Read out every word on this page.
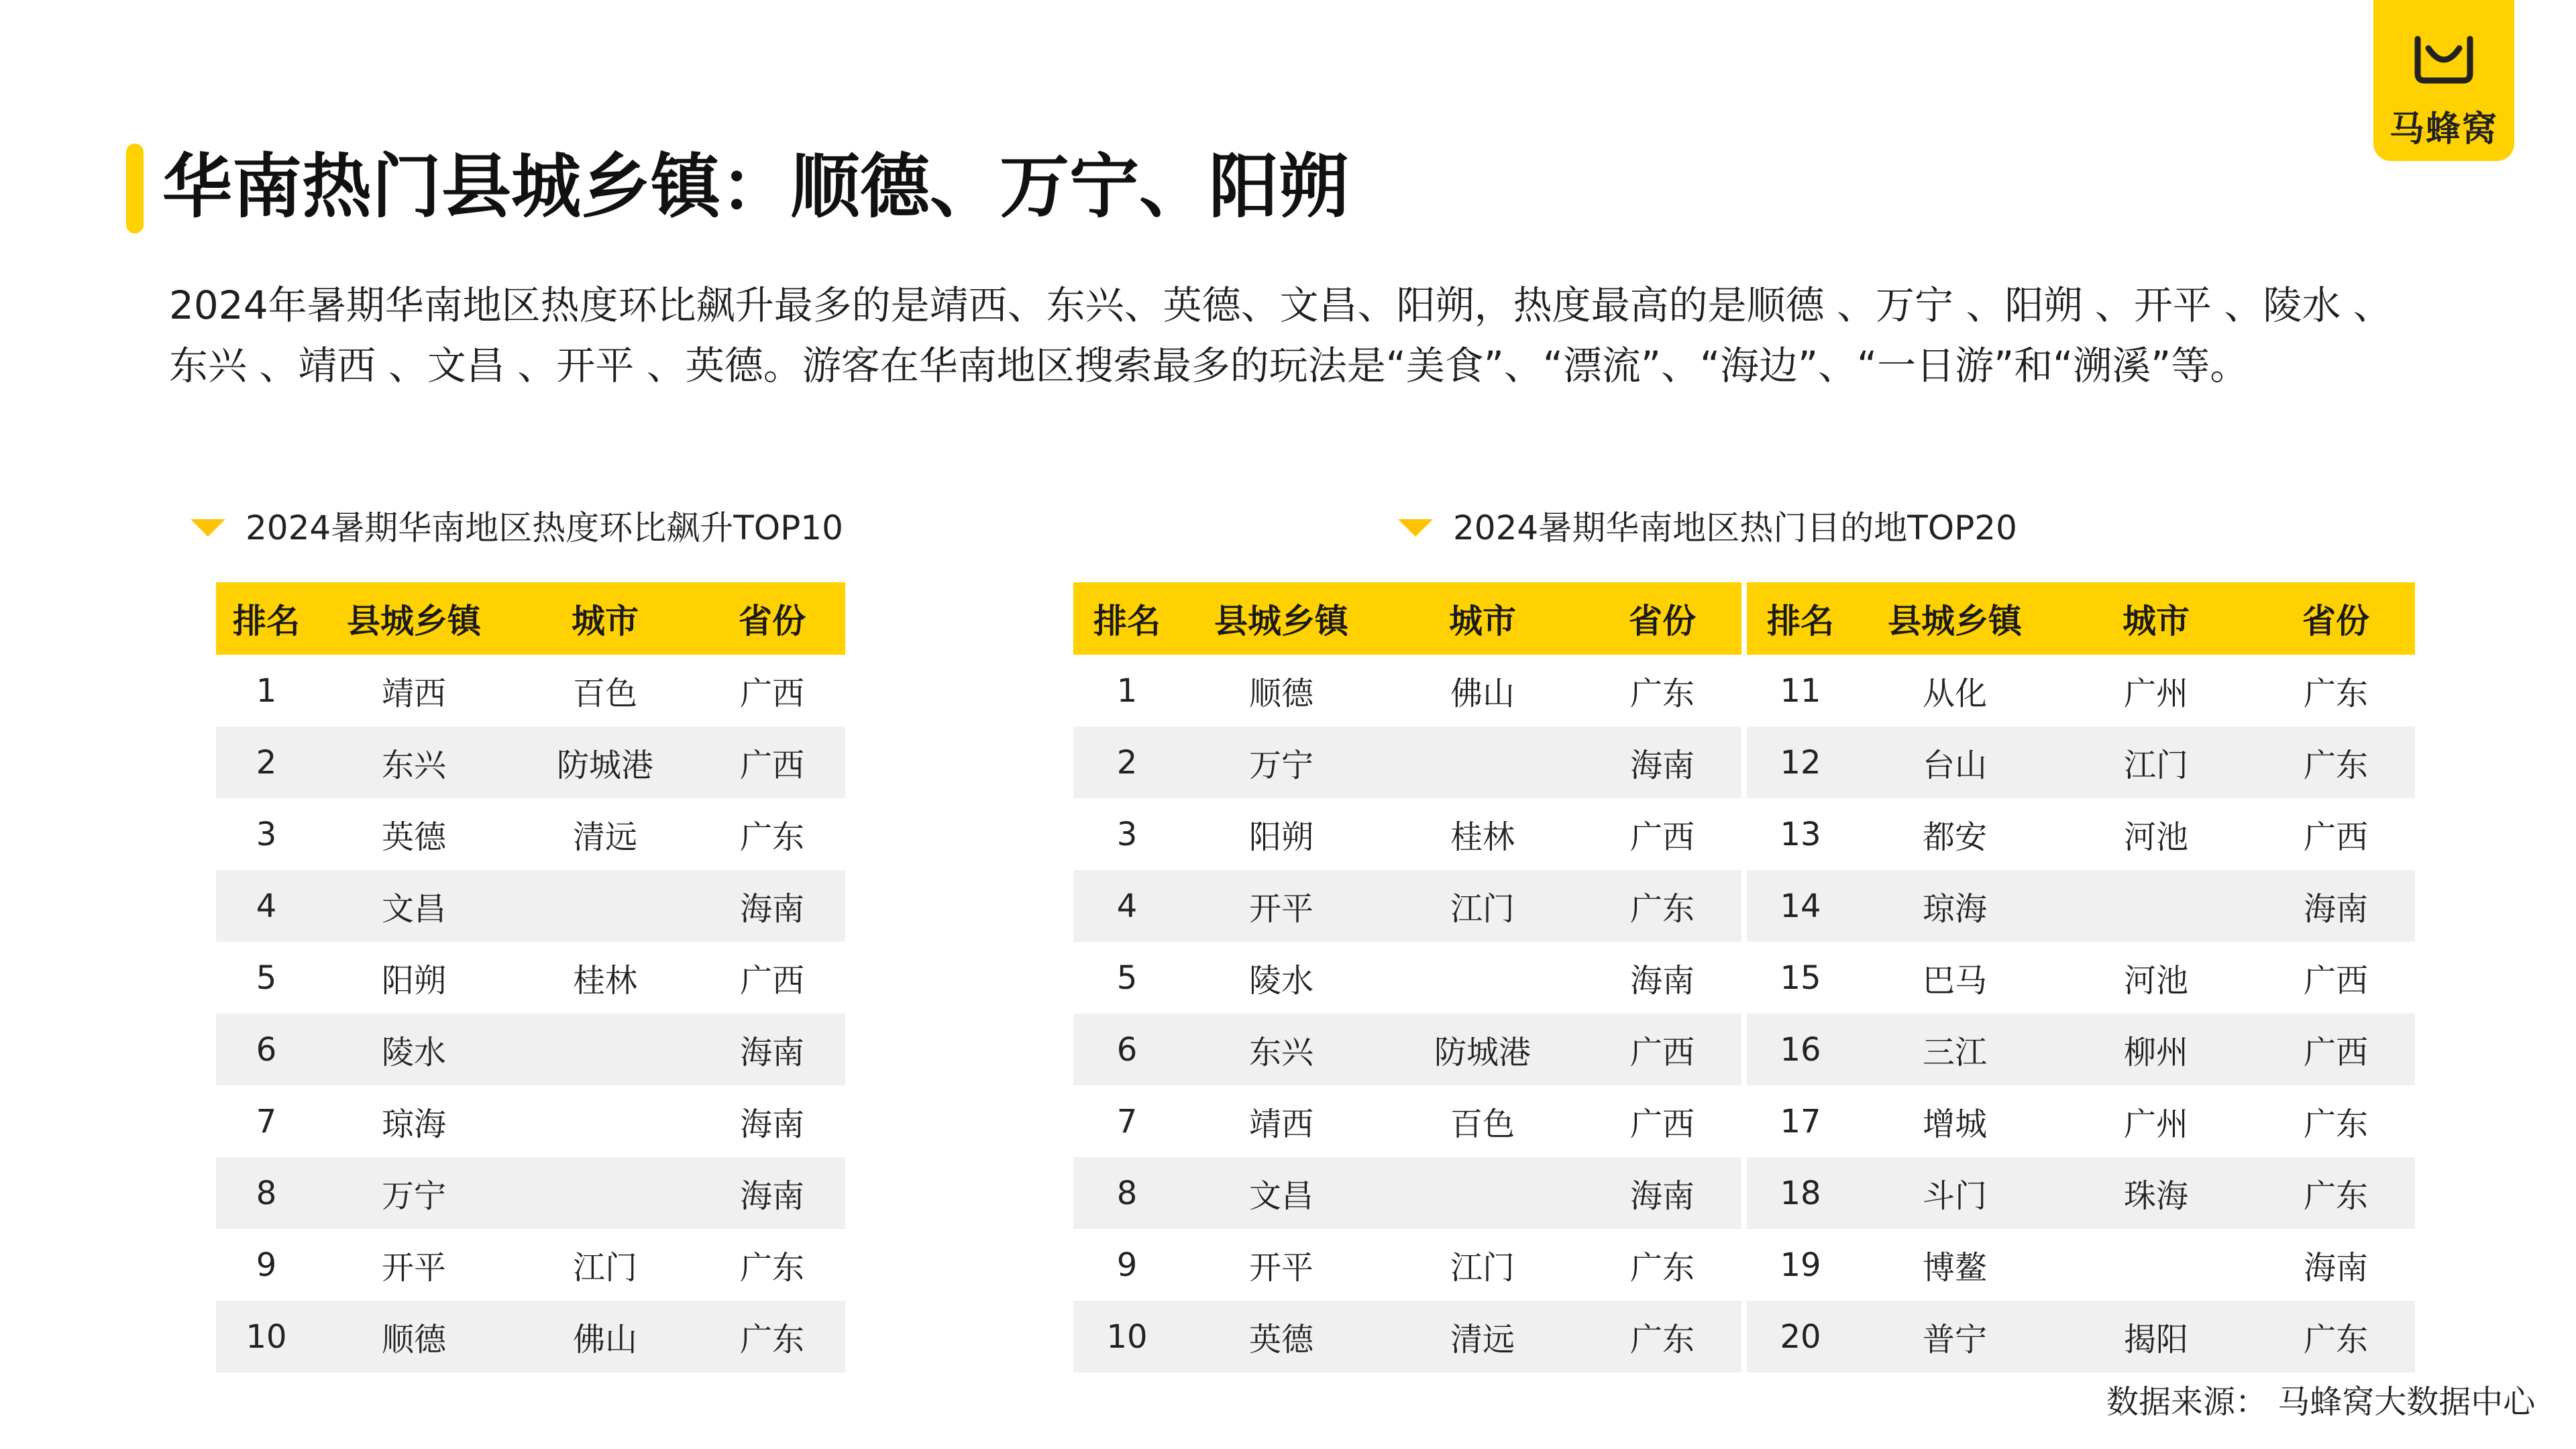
马蜂窝
华南热门县城乡镇：顺德、万宁、阳朔
2024年暑期华南地区热度环比飙升最多的是靖西、东兴、英德、文昌、阳朔，热度最高的是顺德 、万宁 、阳朔 、开平 、陵水 、东兴 、靖西 、文昌 、开平 、英德。游客在华南地区搜索最多的玩法是“美食”、“漂流”、“海边”、“一日游”和“溯溪”等。
2024暑期华南地区热度环比飙升TOP10	2024暑期华南地区热门目的地TOP20
排名	县城乡镇	城市	省份
1	靖西	百色	广西
2	东兴	防城港	广西
3	英德	清远	广东
4	文昌		海南
5	阳朔	桂林	广西
6	陵水		海南
7	琼海		海南
8	万宁		海南
9	开平	江门	广东
10	顺德	佛山	广东
排名	县城乡镇	城市	省份
1	顺德	佛山	广东
2	万宁		海南
3	阳朔	桂林	广西
4	开平	江门	广东
5	陵水		海南
6	东兴	防城港	广西
7	靖西	百色	广西
8	文昌		海南
9	开平	江门	广东
10	英德	清远	广东
排名	县城乡镇	城市	省份
11	从化	广州	广东
12	台山	江门	广东
13	都安	河池	广西
14	琼海		海南
15	巴马	河池	广西
16	三江	柳州	广西
17	增城	广州	广东
18	斗门	珠海	广东
19	博鳌		海南
20	普宁	揭阳	广东
数据来源： 马蜂窝大数据中心
